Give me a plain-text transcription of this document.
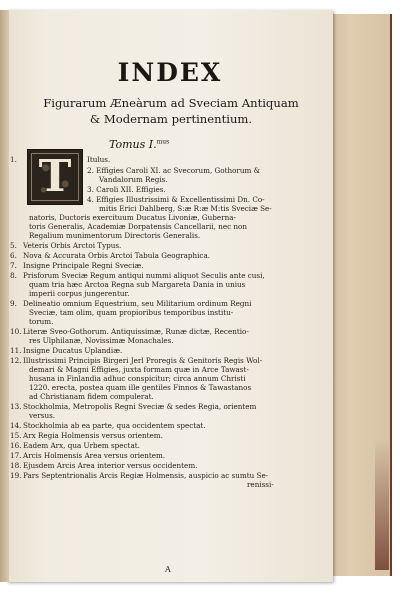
INDEX
Figurarum Æneàrum ad Sveciam Antiquam
& Modernam pertinentium.
Tomus I.$^{mus}$
T
1.	Itulus.
2. Effigies Caroli XI. ac Svecorum, Gothorum &
Vandalorum Regis.
3. Caroli XII. Effigies.
4. Effigies Illustrissimi & Excellentissimi Dn. Co-
mitis Erici Dahlberg, S:æ R:æ M:tis Sveciæ Se-
natoris, Ductoris exercituum Ducatus Livoniæ, Guberna-
toris Generalis, Academiæ Dorpatensis Cancellarii, nec non
Regalium munimentorum Directoris Generalis.
5. Veteris Orbis Arctoi Typus.
6. Nova & Accurata Orbis Arctoi Tabula Geographica.
7. Insigne Principale Regni Sveciæ.
8. Prisforum Sveciæ Regum antiqui nummi aliquot Seculis ante cusi,
quam tria hæc Arctoa Regna sub Margareta Dania in unius
imperii corpus jungerentur.
9. Delineatio omnium Equestrium, seu Militarium ordinum Regni
Sveciæ, tam olim, quam propioribus temporibus institu-
torum.
10. Literæ Sveo-Gothorum. Antiquissimæ, Runæ dictæ, Recentio-
res Ulphilanæ, Novissimæ Monachales.
11. Insigne Ducatus Uplandiæ.
12. Illustrissimi Principis Birgeri Jerl Proregis & Genitoris Regis Wol-
demari & Magni Effigies, juxta formam quæ in Arce Tawast-
husana in Finlandia adhuc conspicitur; circa annum Christi
1220. erecta, postea quam ille gentiles Finnos & Tawastanos
ad Christianam fidem compulerat.
13. Stockholmia, Metropolis Regni Sveciæ & sedes Regia, orientem
versus.
14. Stockholmia ab ea parte, qua occidentem spectat.
15. Arx Regia Holmensis versus orientem.
16. Eadem Arx, qua Urbem spectat.
17. Arcis Holmensis Area versus orientem.
18. Ejusdem Arcis Area interior versus occidentem.
19. Pars Septentrionalis Arcis Regiæ Holmensis, auspicio ac sumtu Se-
renissi-
A
